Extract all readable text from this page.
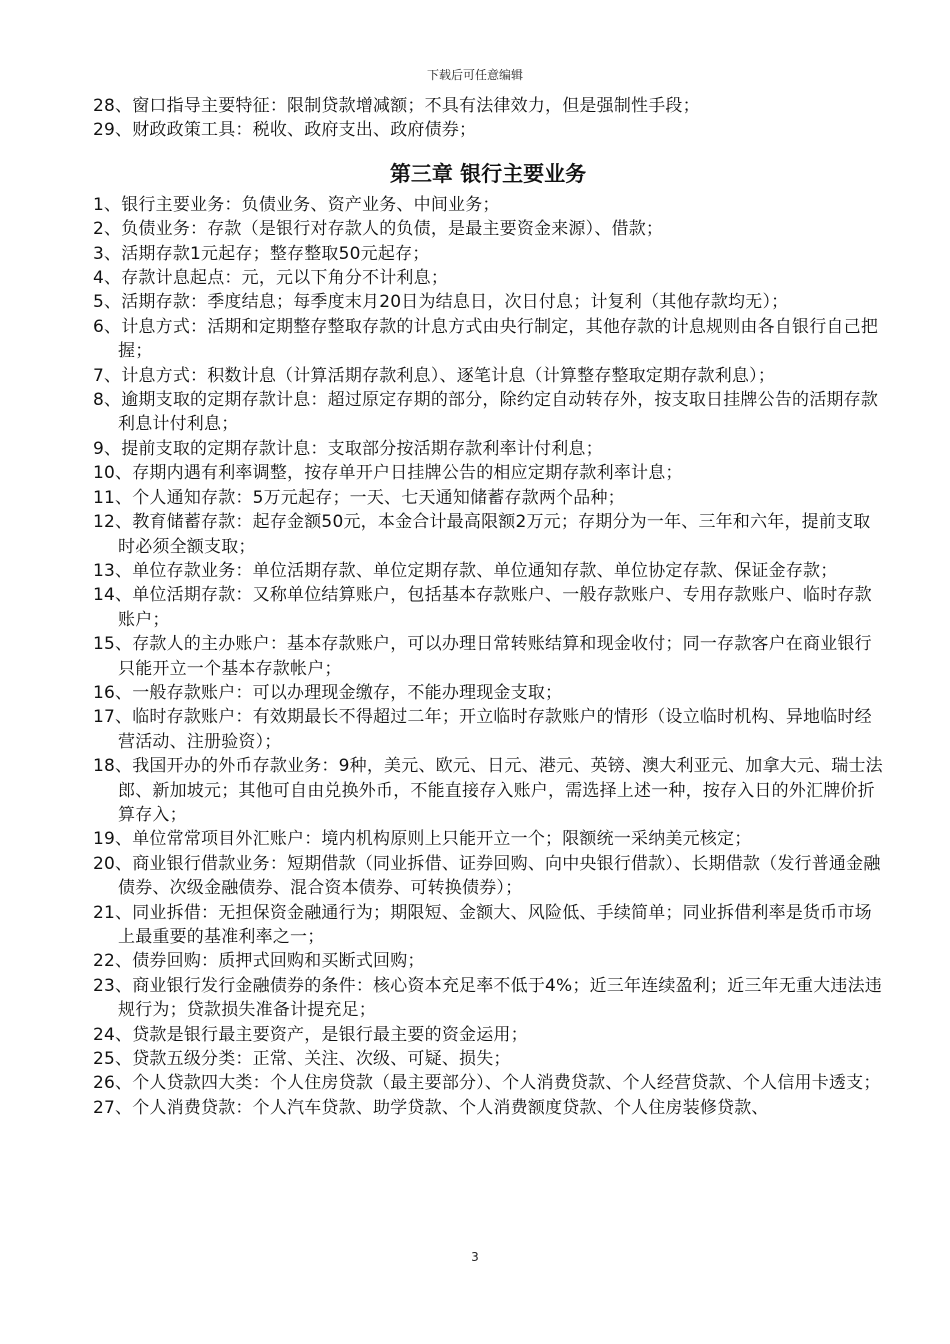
下载后可任意编辑

28、窗口指导主要特征：限制贷款增减额；不具有法律效力，但是强制性手段；

29、财政政策工具：税收、政府支出、政府债券；

第三章 银行主要业务

1、银行主要业务：负债业务、资产业务、中间业务；

2、负债业务：存款（是银行对存款人的负债，是最主要资金来源）、借款；

3、活期存款1元起存；整存整取50元起存；

4、存款计息起点：元，元以下角分不计利息；

5、活期存款：季度结息；每季度末月20日为结息日，次日付息；计复利（其他存款均无）；

6、计息方式：活期和定期整存整取存款的计息方式由央行制定，其他存款的计息规则由各自银行自己把握；

7、计息方式：积数计息（计算活期存款利息）、逐笔计息（计算整存整取定期存款利息）；

8、逾期支取的定期存款计息：超过原定存期的部分，除约定自动转存外，按支取日挂牌公告的活期存款利息计付利息；

9、提前支取的定期存款计息：支取部分按活期存款利率计付利息；

10、存期内遇有利率调整，按存单开户日挂牌公告的相应定期存款利率计息；

11、个人通知存款：5万元起存；一天、七天通知储蓄存款两个品种；

12、教育储蓄存款：起存金额50元，本金合计最高限额2万元；存期分为一年、三年和六年，提前支取时必须全额支取；

13、单位存款业务：单位活期存款、单位定期存款、单位通知存款、单位协定存款、保证金存款；

14、单位活期存款：又称单位结算账户，包括基本存款账户、一般存款账户、专用存款账户、临时存款账户；

15、存款人的主办账户：基本存款账户，可以办理日常转账结算和现金收付；同一存款客户在商业银行只能开立一个基本存款帐户；

16、一般存款账户：可以办理现金缴存，不能办理现金支取；

17、临时存款账户：有效期最长不得超过二年；开立临时存款账户的情形（设立临时机构、异地临时经营活动、注册验资）；

18、我国开办的外币存款业务：9种，美元、欧元、日元、港元、英镑、澳大利亚元、加拿大元、瑞士法郎、新加坡元；其他可自由兑换外币，不能直接存入账户，需选择上述一种，按存入日的外汇牌价折算存入；

19、单位常常项目外汇账户：境内机构原则上只能开立一个；限额统一采纳美元核定；

20、商业银行借款业务：短期借款（同业拆借、证券回购、向中央银行借款）、长期借款（发行普通金融债券、次级金融债券、混合资本债券、可转换债券）；

21、同业拆借：无担保资金融通行为；期限短、金额大、风险低、手续简单；同业拆借利率是货币市场上最重要的基准利率之一；

22、债券回购：质押式回购和买断式回购；

23、商业银行发行金融债券的条件：核心资本充足率不低于4%；近三年连续盈利；近三年无重大违法违规行为；贷款损失准备计提充足；

24、贷款是银行最主要资产，是银行最主要的资金运用；

25、贷款五级分类：正常、关注、次级、可疑、损失；

26、个人贷款四大类：个人住房贷款（最主要部分）、个人消费贷款、个人经营贷款、个人信用卡透支；

27、个人消费贷款：个人汽车贷款、助学贷款、个人消费额度贷款、个人住房装修贷款、

3
